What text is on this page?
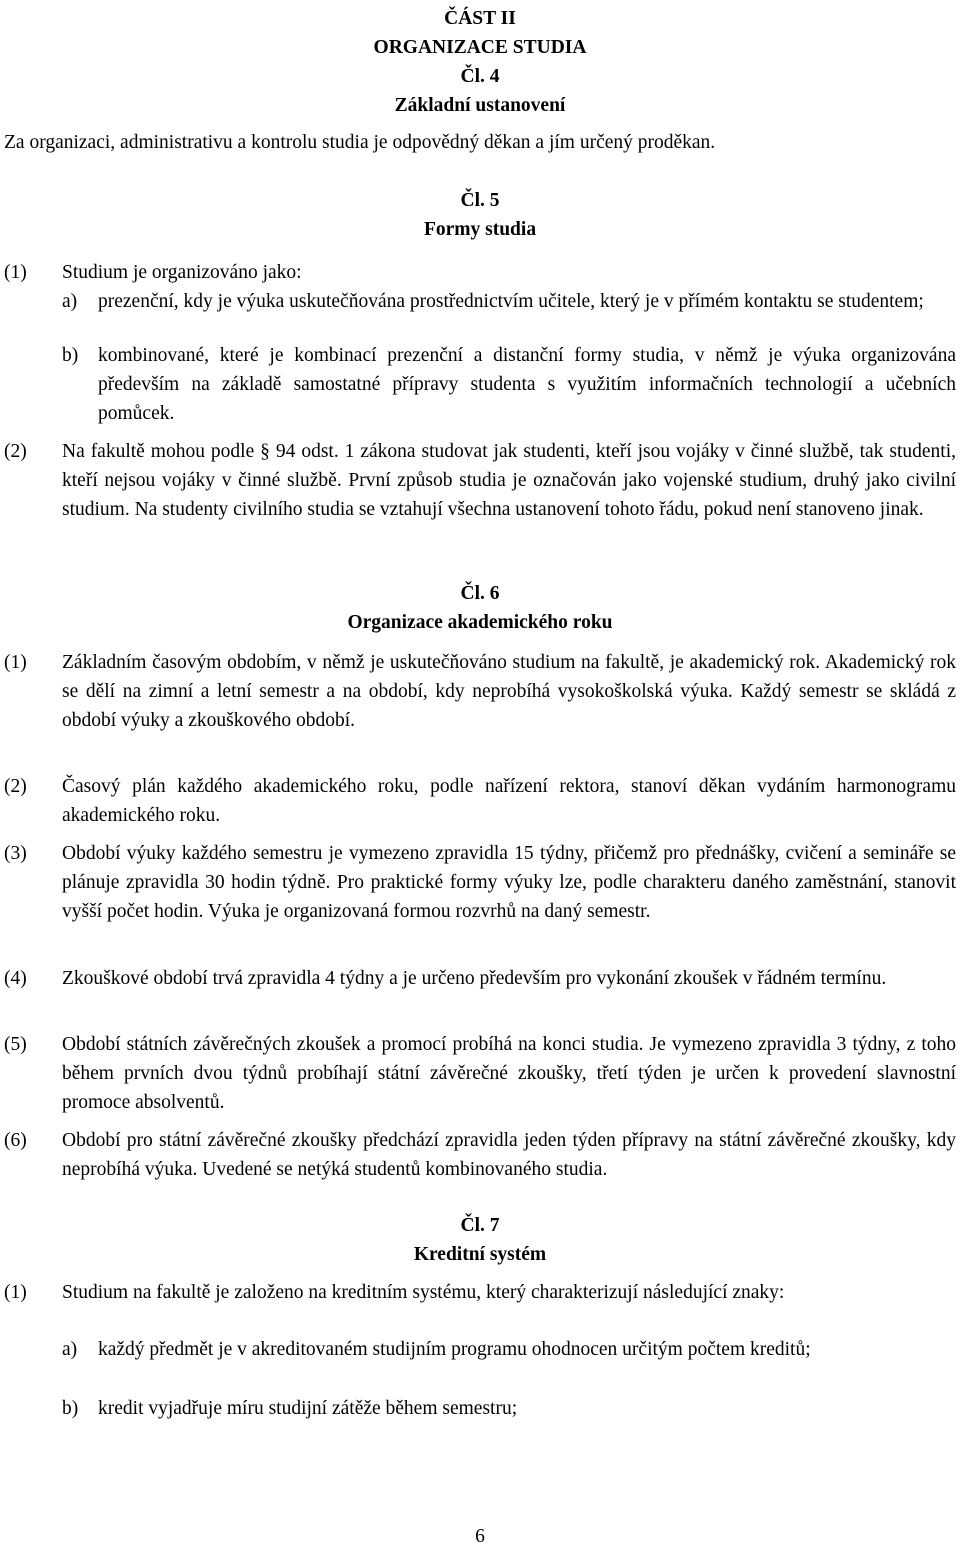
ČÁST II
ORGANIZACE STUDIA
Čl. 4
Základní ustanovení
Za organizaci, administrativu a kontrolu studia je odpovědný děkan a jím určený proděkan.
Čl. 5
Formy studia
(1) Studium je organizováno jako:
a) prezenční, kdy je výuka uskutečňována prostřednictvím učitele, který je v přímém kontaktu se studentem;
b) kombinované, které je kombinací prezenční a distanční formy studia, v němž je výuka organizována především na základě samostatné přípravy studenta s využitím informačních technologií a učebních pomůcek.
(2) Na fakultě mohou podle § 94 odst. 1 zákona studovat jak studenti, kteří jsou vojáky v činné službě, tak studenti, kteří nejsou vojáky v činné službě. První způsob studia je označován jako vojenské studium, druhý jako civilní studium. Na studenty civilního studia se vztahují všechna ustanovení tohoto řádu, pokud není stanoveno jinak.
Čl. 6
Organizace akademického roku
(1) Základním časovým obdobím, v němž je uskutečňováno studium na fakultě, je akademický rok. Akademický rok se dělí na zimní a letní semestr a na období, kdy neprobíhá vysokoškolská výuka. Každý semestr se skládá z období výuky a zkouškového období.
(2) Časový plán každého akademického roku, podle nařízení rektora, stanoví děkan vydáním harmonogramu akademického roku.
(3) Období výuky každého semestru je vymezeno zpravidla 15 týdny, přičemž pro přednášky, cvičení a semináře se plánuje zpravidla 30 hodin týdně. Pro praktické formy výuky lze, podle charakteru daného zaměstnání, stanovit vyšší počet hodin. Výuka je organizovaná formou rozvrhů na daný semestr.
(4) Zkouškové období trvá zpravidla 4 týdny a je určeno především pro vykonání zkoušek v řádném termínu.
(5) Období státních závěrečných zkoušek a promocí probíhá na konci studia. Je vymezeno zpravidla 3 týdny, z toho během prvních dvou týdnů probíhají státní závěrečné zkoušky, třetí týden je určen k provedení slavnostní promoce absolventů.
(6) Období pro státní závěrečné zkoušky předchází zpravidla jeden týden přípravy na státní závěrečné zkoušky, kdy neprobíhá výuka. Uvedené se netýká studentů kombinovaného studia.
Čl. 7
Kreditní systém
(1) Studium na fakultě je založeno na kreditním systému, který charakterizují následující znaky:
a) každý předmět je v akreditovaném studijním programu ohodnocen určitým počtem kreditů;
b) kredit vyjadřuje míru studijní zátěže během semestru;
6
